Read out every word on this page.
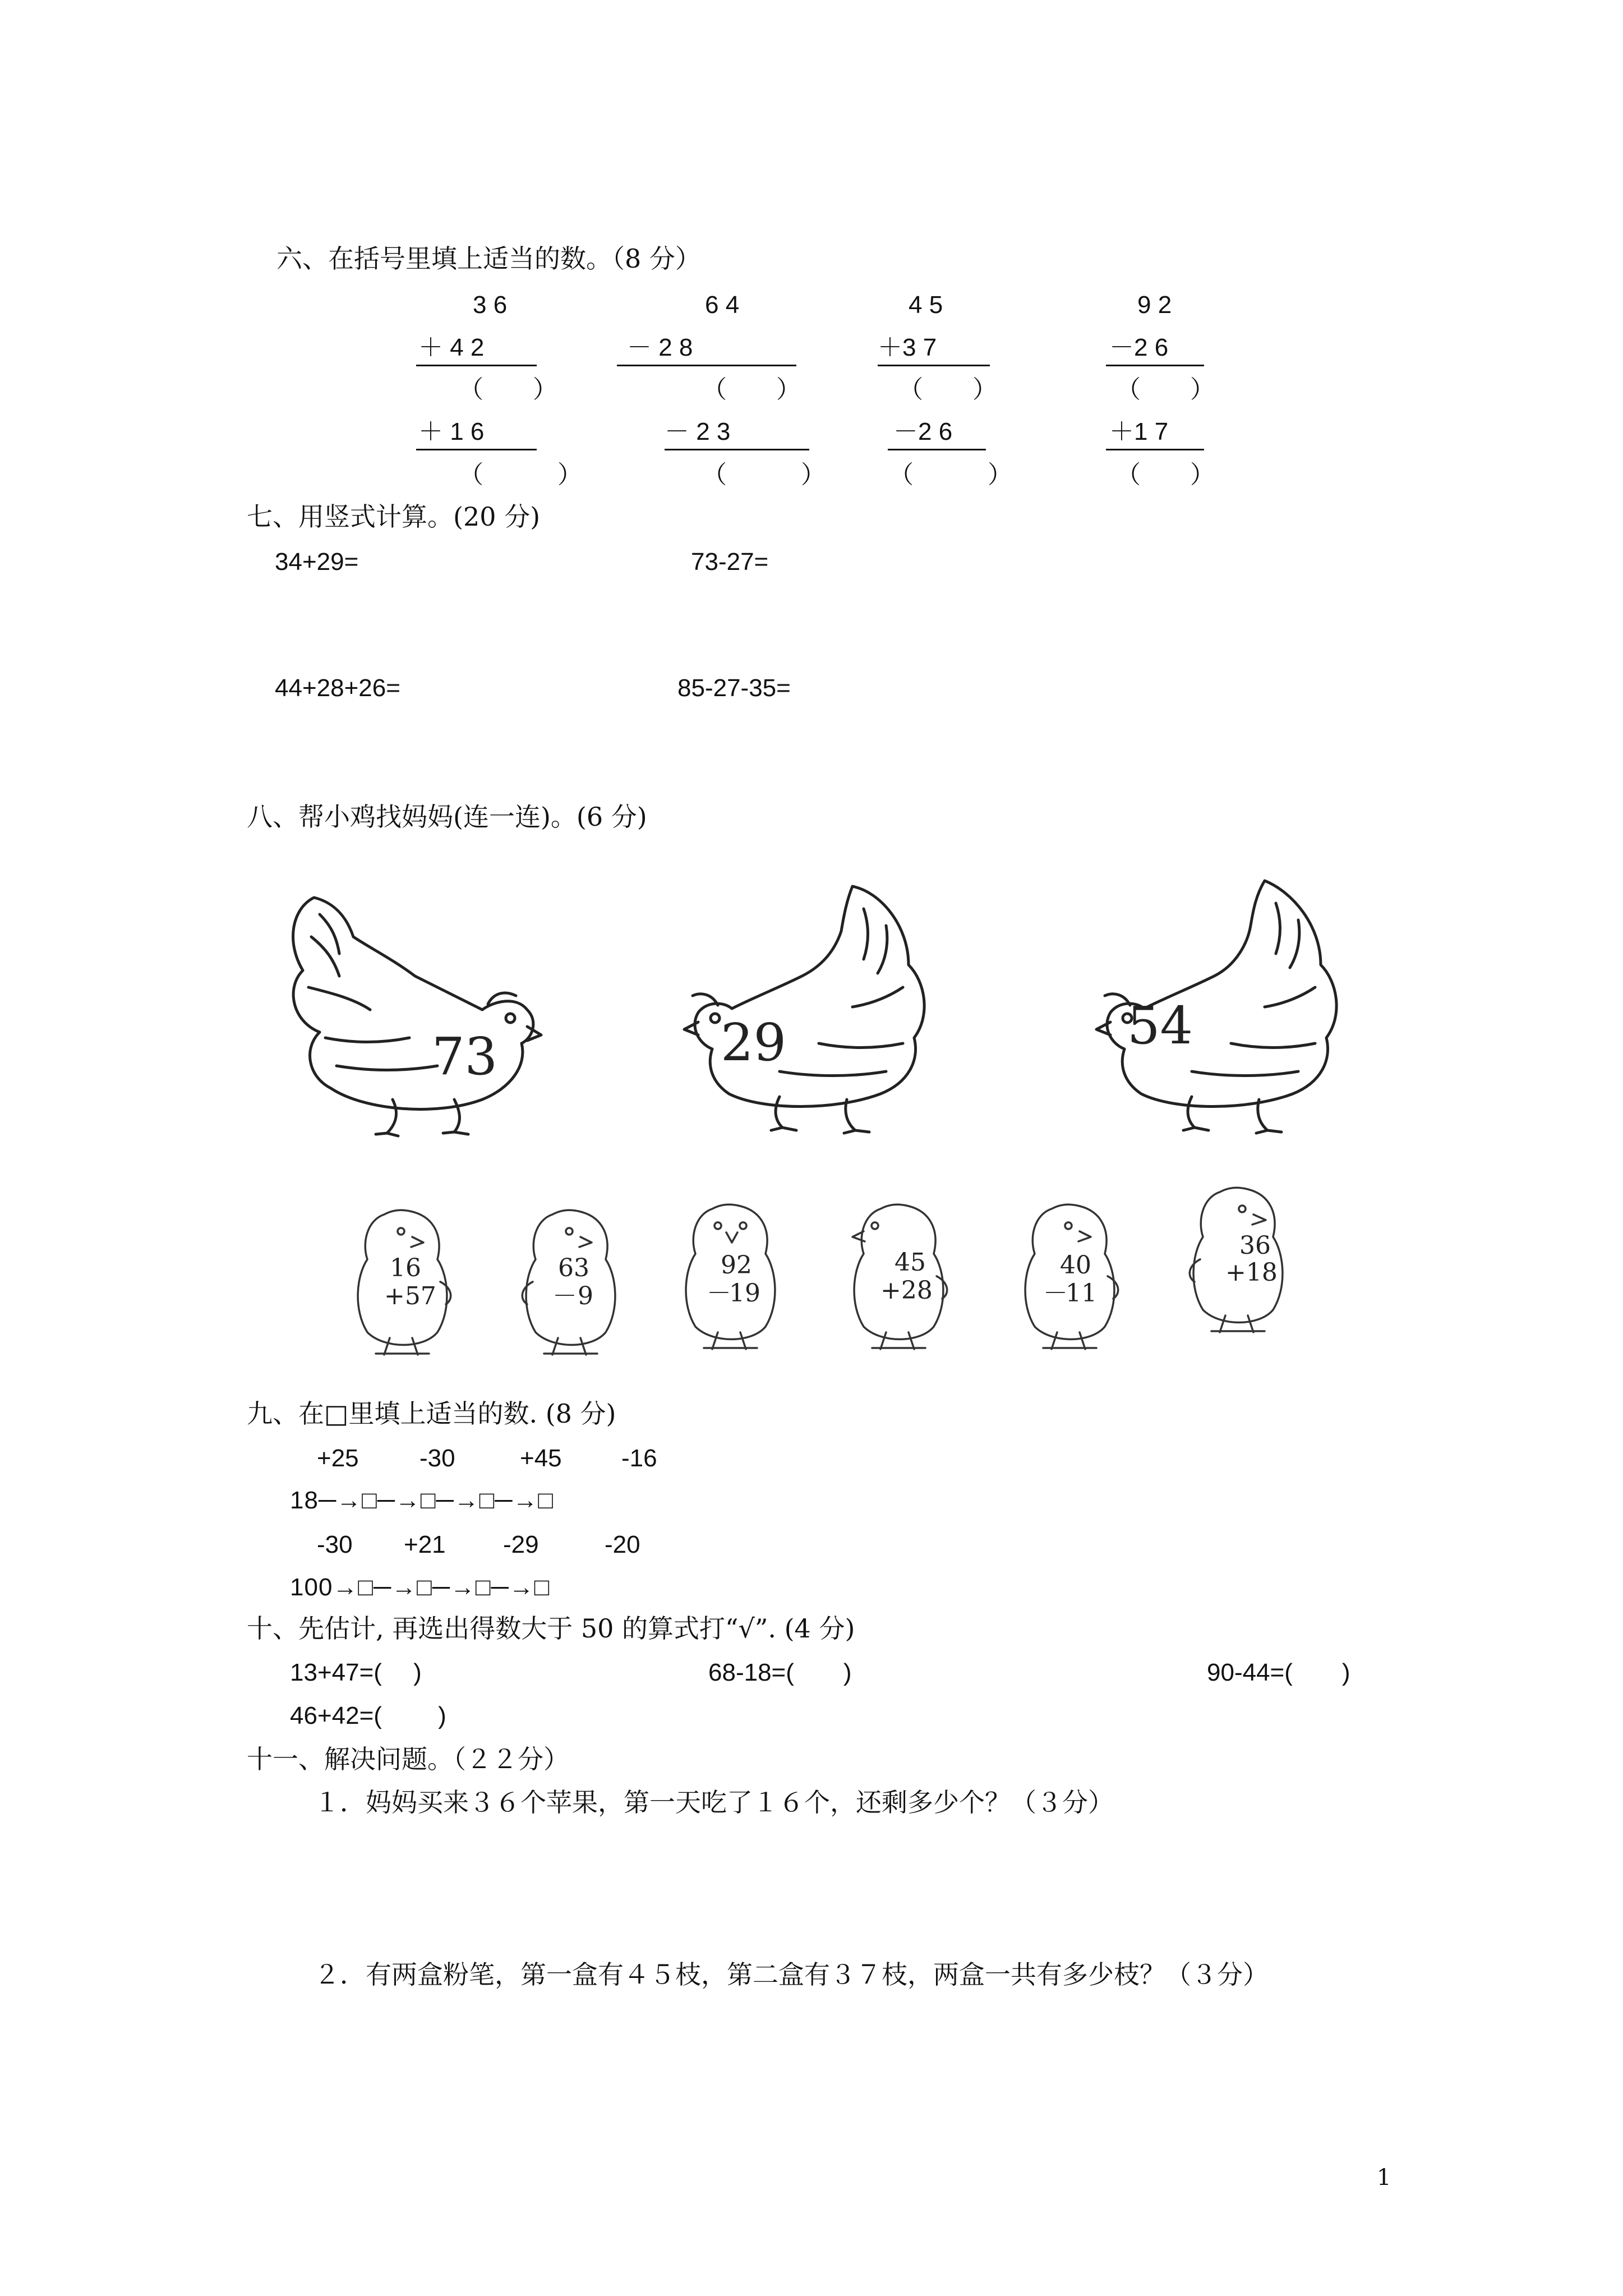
六、在括号里填上适当的数。（8 分）
3 6
＋ 4 2
（　　）
＋ 1 6
（　　　）
6 4
－ 2 8
（　　）
－ 2 3
（　　　）
4 5
＋3 7
（　　）
－2 6
（　　　）
9 2
－2 6
（　　）
＋1 7
（　　）
七、用竖式计算。(20 分)
34+29=	73-27=
44+28+26=	85-27-35=
八、帮小鸡找妈妈(连一连)。(6 分)
73	29	54
16
+57
63
－ 9
92
－
19
45
+28
40
－
11
36
+18
九、在□里填上适当的数. (8 分)
+25 -30	+45 -16
18─→□─→□─→□─→□
-30 +21 -29	-20
100→□─→□─→□─→□
十、先估计, 再选出得数大于 50 的算式打“√”. (4 分)
13+47=(　 )	68-18=(　　)	90-44=(　　)
46+42=(　　 )
十一、解决问题。（２２分）
１．妈妈买来３６个苹果，第一天吃了１６个，还剩多少个？（３分）
２．有两盒粉笔，第一盒有４５枝，第二盒有３７枝，两盒一共有多少枝？（３分）
1
